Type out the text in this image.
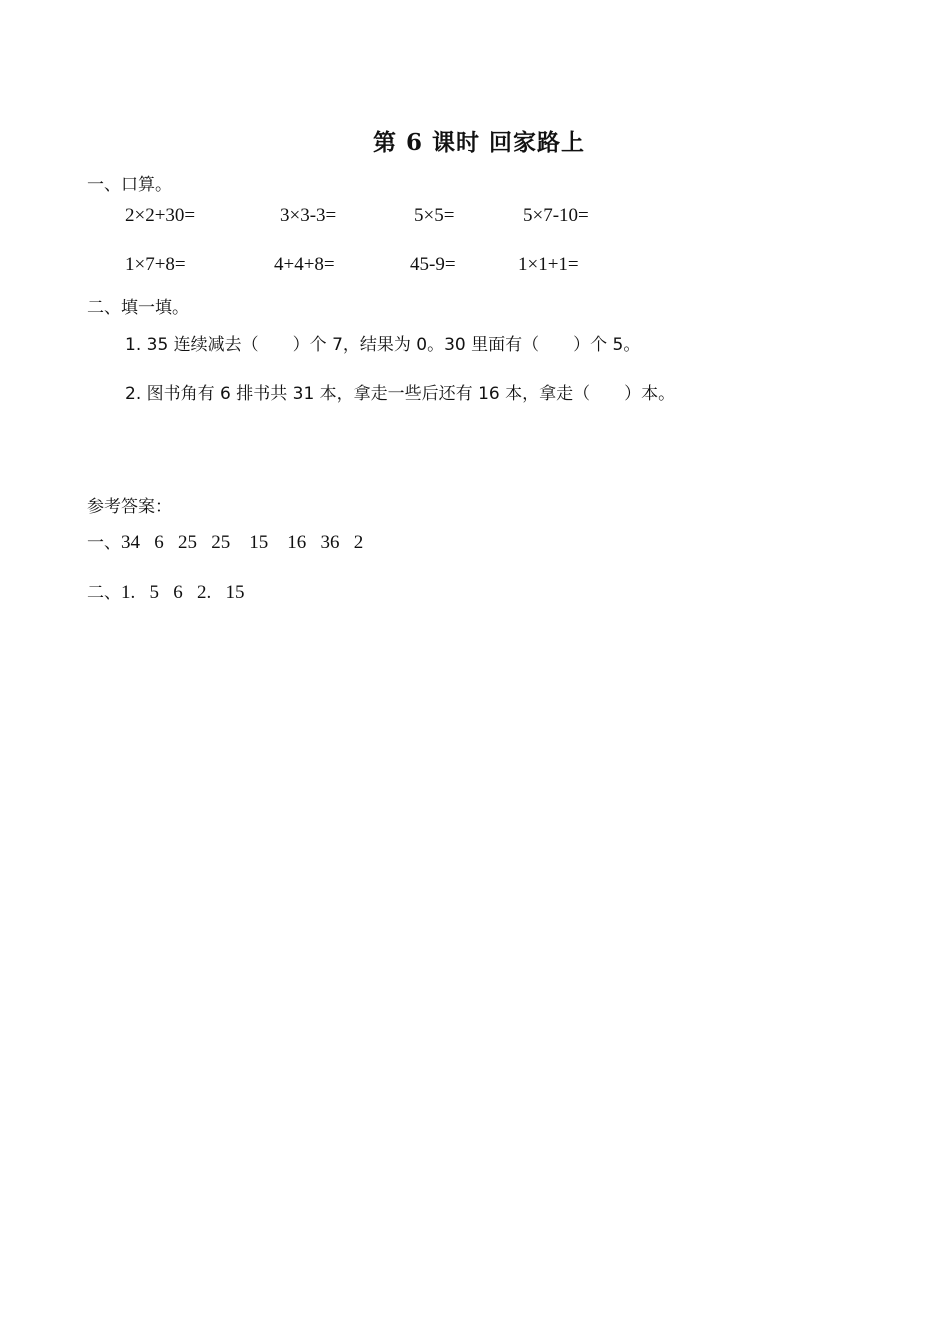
第 6 课时 回家路上
一、口算。
2×2+30=	3×3-3=	5×5=	5×7-10=
1×7+8=	4+4+8=	45-9=	1×1+1=
二、填一填。
1. 35 连续减去（　　）个 7，结果为 0。30 里面有（　　）个 5。
2. 图书角有 6 排书共 31 本，拿走一些后还有 16 本，拿走（　　）本。
参考答案：
一、34   6   25   25    15    16   36   2
二、1.   5   6   2.   15
